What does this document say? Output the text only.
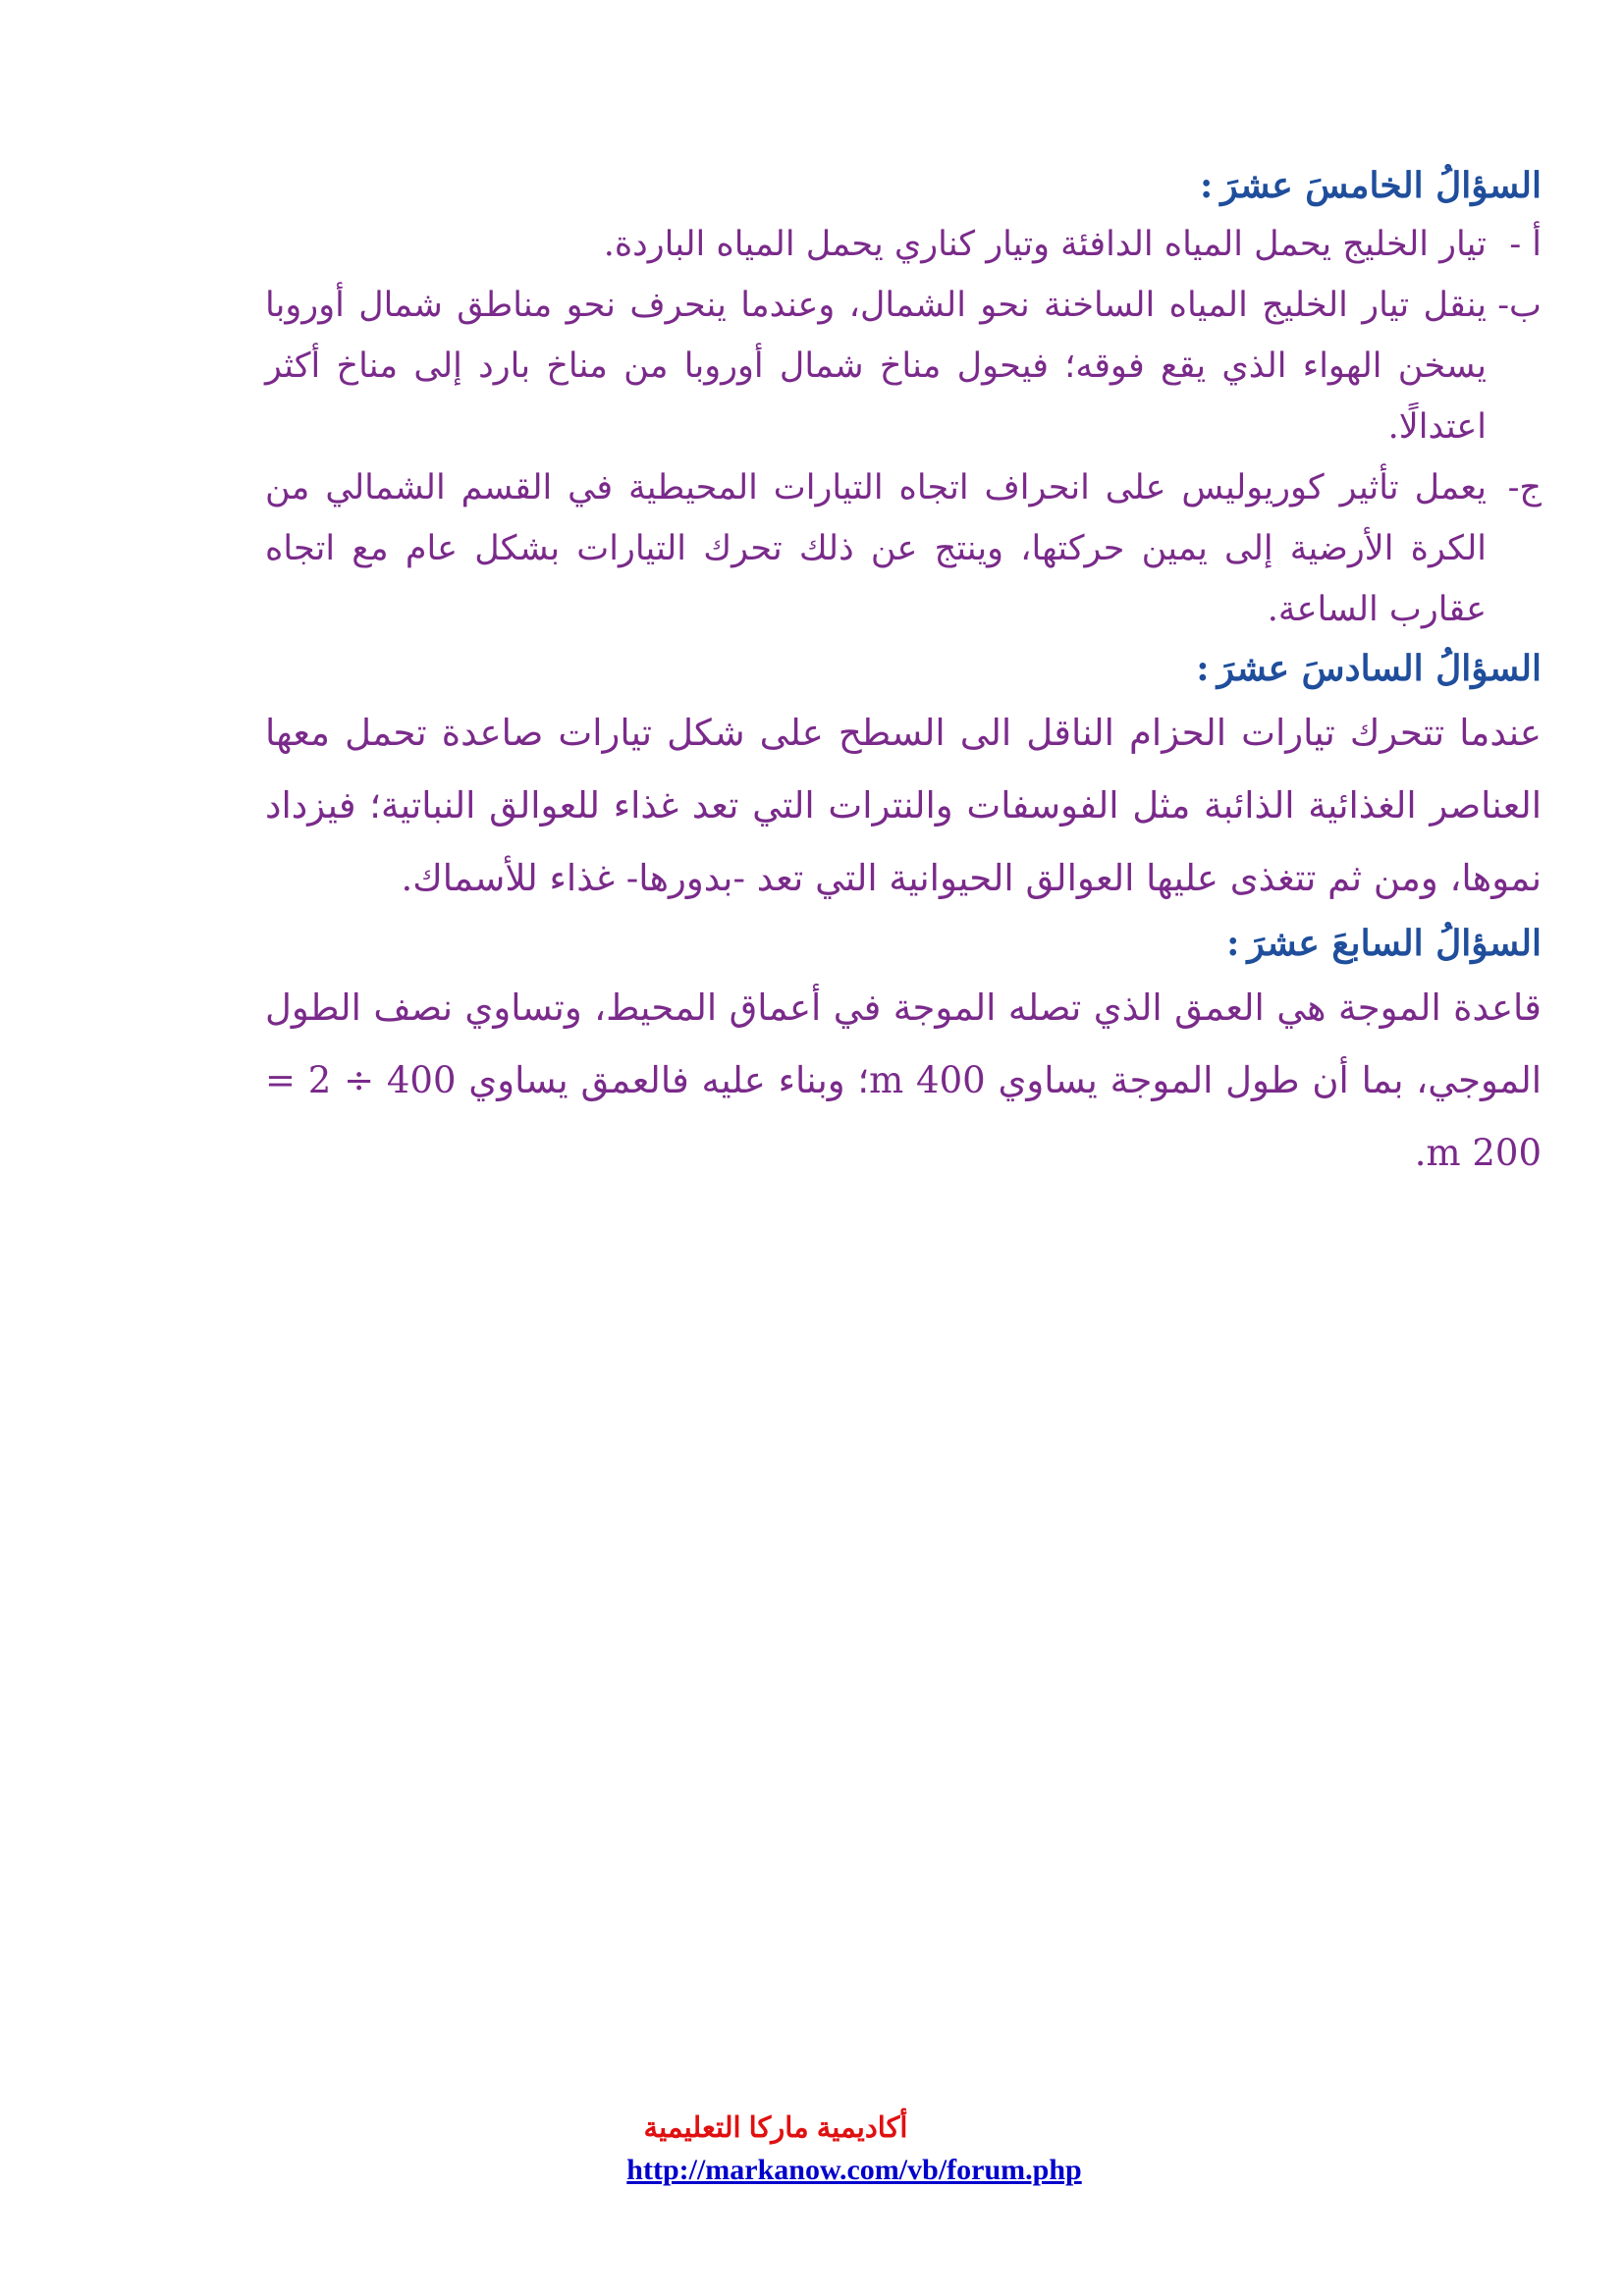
السؤالُ الخامسَ عشرَ:

أ -
تيار الخليج يحمل المياه الدافئة وتيار كناري يحمل المياه الباردة.

ب-
ينقل تيار الخليج المياه الساخنة نحو الشمال، وعندما ينحرف نحو مناطق شمال أوروبا يسخن الهواء الذي يقع فوقه؛ فيحول مناخ شمال أوروبا من مناخ بارد إلى مناخ أكثر اعتدالًا.

ج-
يعمل تأثير كوريوليس على انحراف اتجاه التيارات المحيطية في القسم الشمالي من الكرة الأرضية إلى يمين حركتها، وينتج عن ذلك تحرك التيارات بشكل عام مع اتجاه عقارب الساعة.

السؤالُ السادسَ عشرَ:

عندما تتحرك تيارات الحزام الناقل الى السطح على شكل تيارات صاعدة تحمل معها العناصر الغذائية الذائبة مثل الفوسفات والنترات التي تعد غذاء للعوالق النباتية؛ فيزداد نموها، ومن ثم تتغذى عليها العوالق الحيوانية التي تعد -بدورها- غذاء للأسماك.

السؤالُ السابعَ عشرَ:

قاعدة الموجة هي العمق الذي تصله الموجة في أعماق المحيط، وتساوي نصف الطول الموجي، بما أن طول الموجة يساوي 400 m؛ وبناء عليه فالعمق يساوي 400 ÷ 2 = 200 m.

أكاديمية ماركا التعليمية

http://markanow.com/vb/forum.php
